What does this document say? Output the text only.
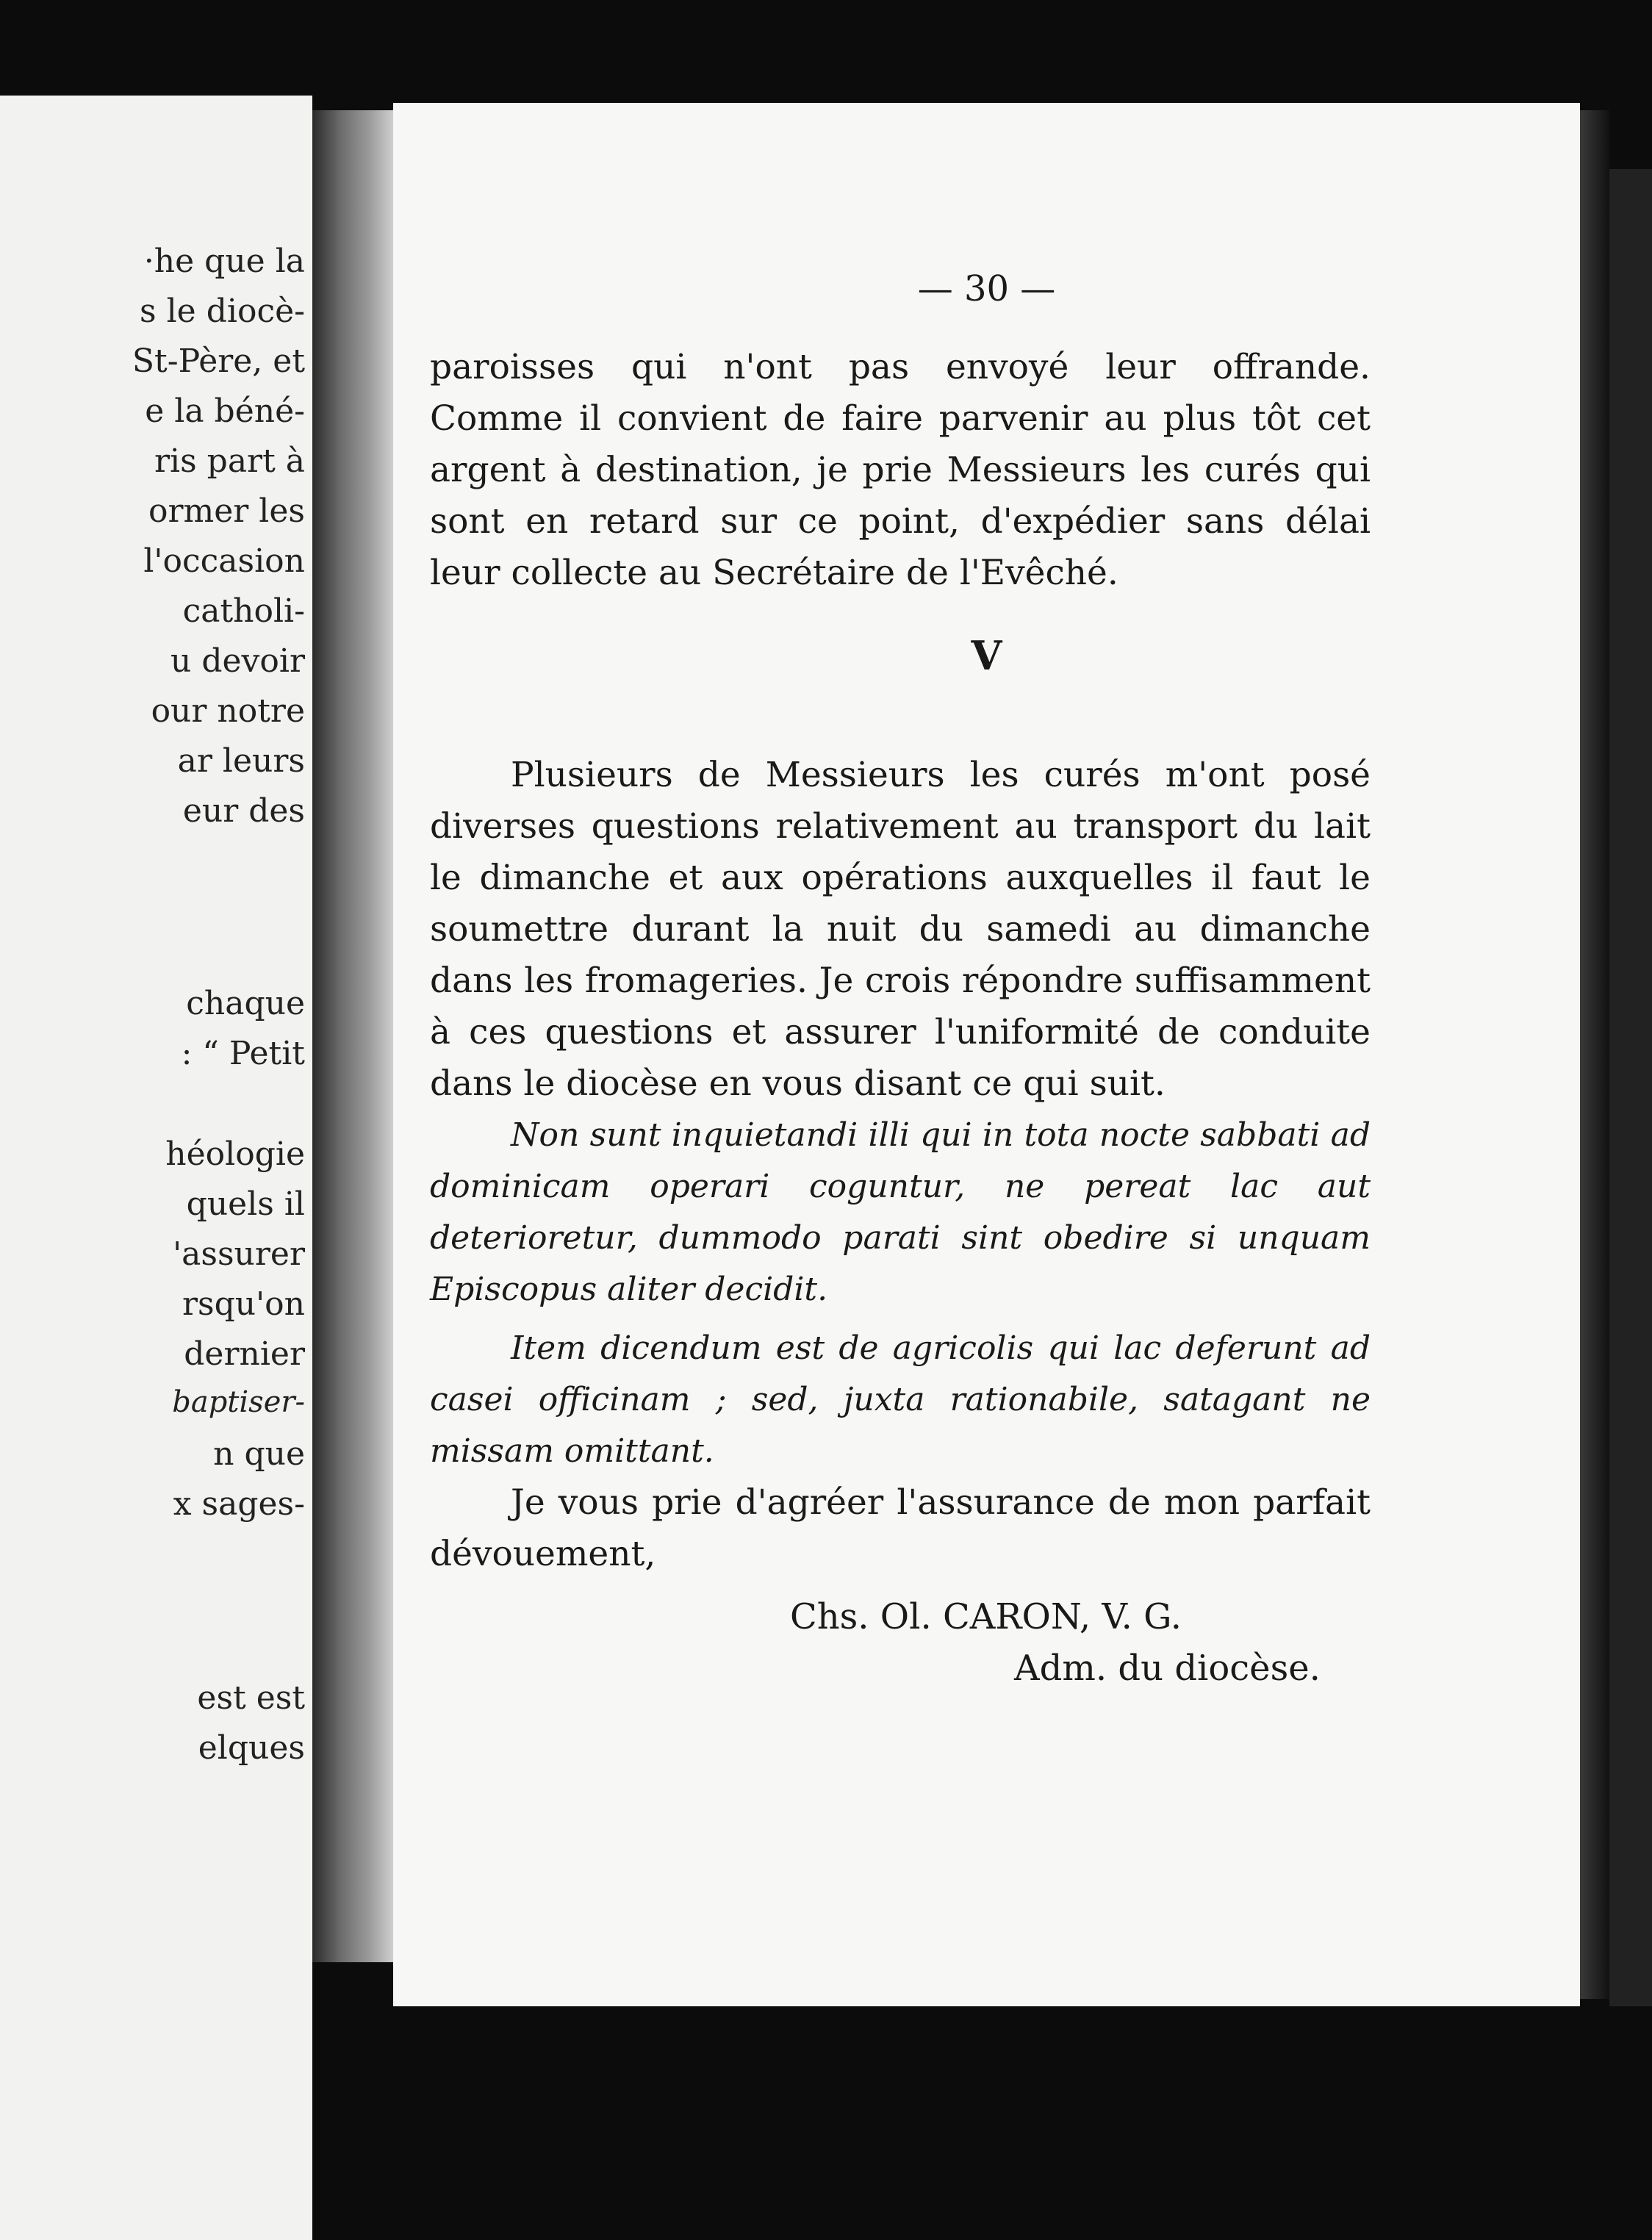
·he que la
s le diocè-
St-Père, et
e la béné-
ris part à
ormer les
l'occasion
catholi-
u devoir
our notre
ar leurs
eur des
chaque
: “ Petit
héologie
quels il
'assurer
rsqu'on
dernier
baptiser-
n que
x sages-
est est
elques
— 30 —

paroisses qui n'ont pas envoyé leur offrande.

Comme il convient de faire parvenir au plus tôt cet

argent à destination, je prie Messieurs les curés qui

sont en retard sur ce point, d'expédier sans délai

leur collecte au Secrétaire de l'Evêché.

V

Plusieurs de Messieurs les curés m'ont posé diverses questions relativement au transport du lait le dimanche et aux opérations auxquelles il faut le soumettre durant la nuit du samedi au dimanche dans les fromageries. Je crois répondre suffisamment à ces questions et assurer l'uniformité de conduite dans le diocèse en vous disant ce qui suit.

Non sunt inquietandi illi qui in tota nocte sabbati ad dominicam operari coguntur, ne pereat lac aut deterioretur, dummodo parati sint obedire si unquam Episcopus aliter decidit.

Item dicendum est de agricolis qui lac deferunt ad casei officinam ; sed, juxta rationabile, satagant ne missam omittant.

Je vous prie d'agréer l'assurance de mon parfait dévouement,

Chs. Ol. CARON, V. G.
Adm. du diocèse.
